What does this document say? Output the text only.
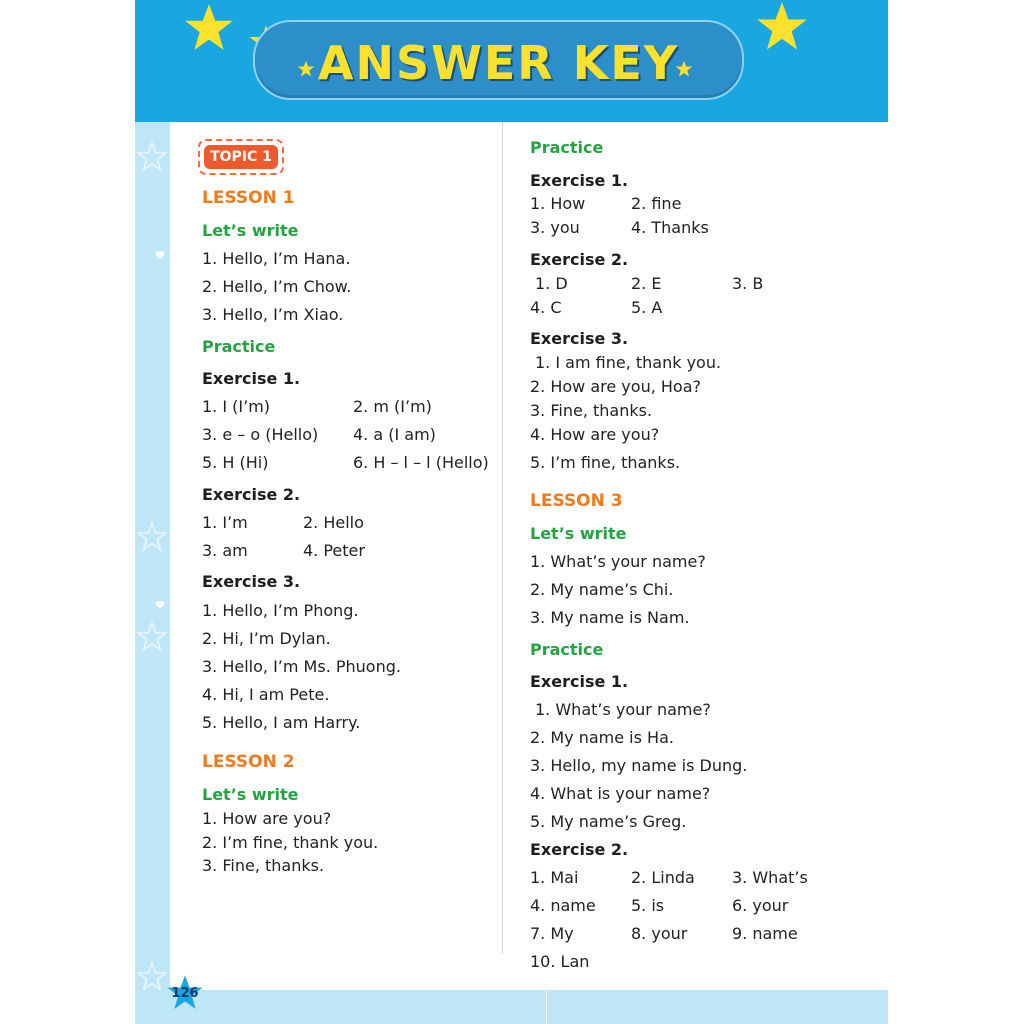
ANSWER KEY
TOPIC 1
LESSON 1
Let’s write
1. Hello, I’m Hana.
2. Hello, I’m Chow.
3. Hello, I’m Xiao.
Practice
Exercise 1.
1. I (I’m)	2. m (I’m)
3. e – o (Hello) 4. a (I am)
5. H (Hi)	6. H – l – l (Hello)
Exercise 2.
1. I’m	2. Hello
3. am	4. Peter
Exercise 3.
1. Hello, I’m Phong.
2. Hi, I’m Dylan.
3. Hello, I’m Ms. Phuong.
4. Hi, I am Pete.
5. Hello, I am Harry.
LESSON 2
Let’s write
1. How are you?
2. I’m fine, thank you.
3. Fine, thanks.
Practice
Exercise 1.
1. How	2. fine
3. you	4. Thanks
Exercise 2.
1. D	2. E	3. B
4. C	5. A
Exercise 3.
1. I am fine, thank you.
2. How are you, Hoa?
3. Fine, thanks.
4. How are you?
5. I’m fine, thanks.
LESSON 3
Let’s write
1. What’s your name?
2. My name’s Chi.
3. My name is Nam.
Practice
Exercise 1.
1. What’s your name?
2. My name is Ha.
3. Hello, my name is Dung.
4. What is your name?
5. My name’s Greg.
Exercise 2.
1. Mai	2. Linda 3. What’s
4. name 5. is	6. your
7. My	8. your	9. name
10. Lan
126
